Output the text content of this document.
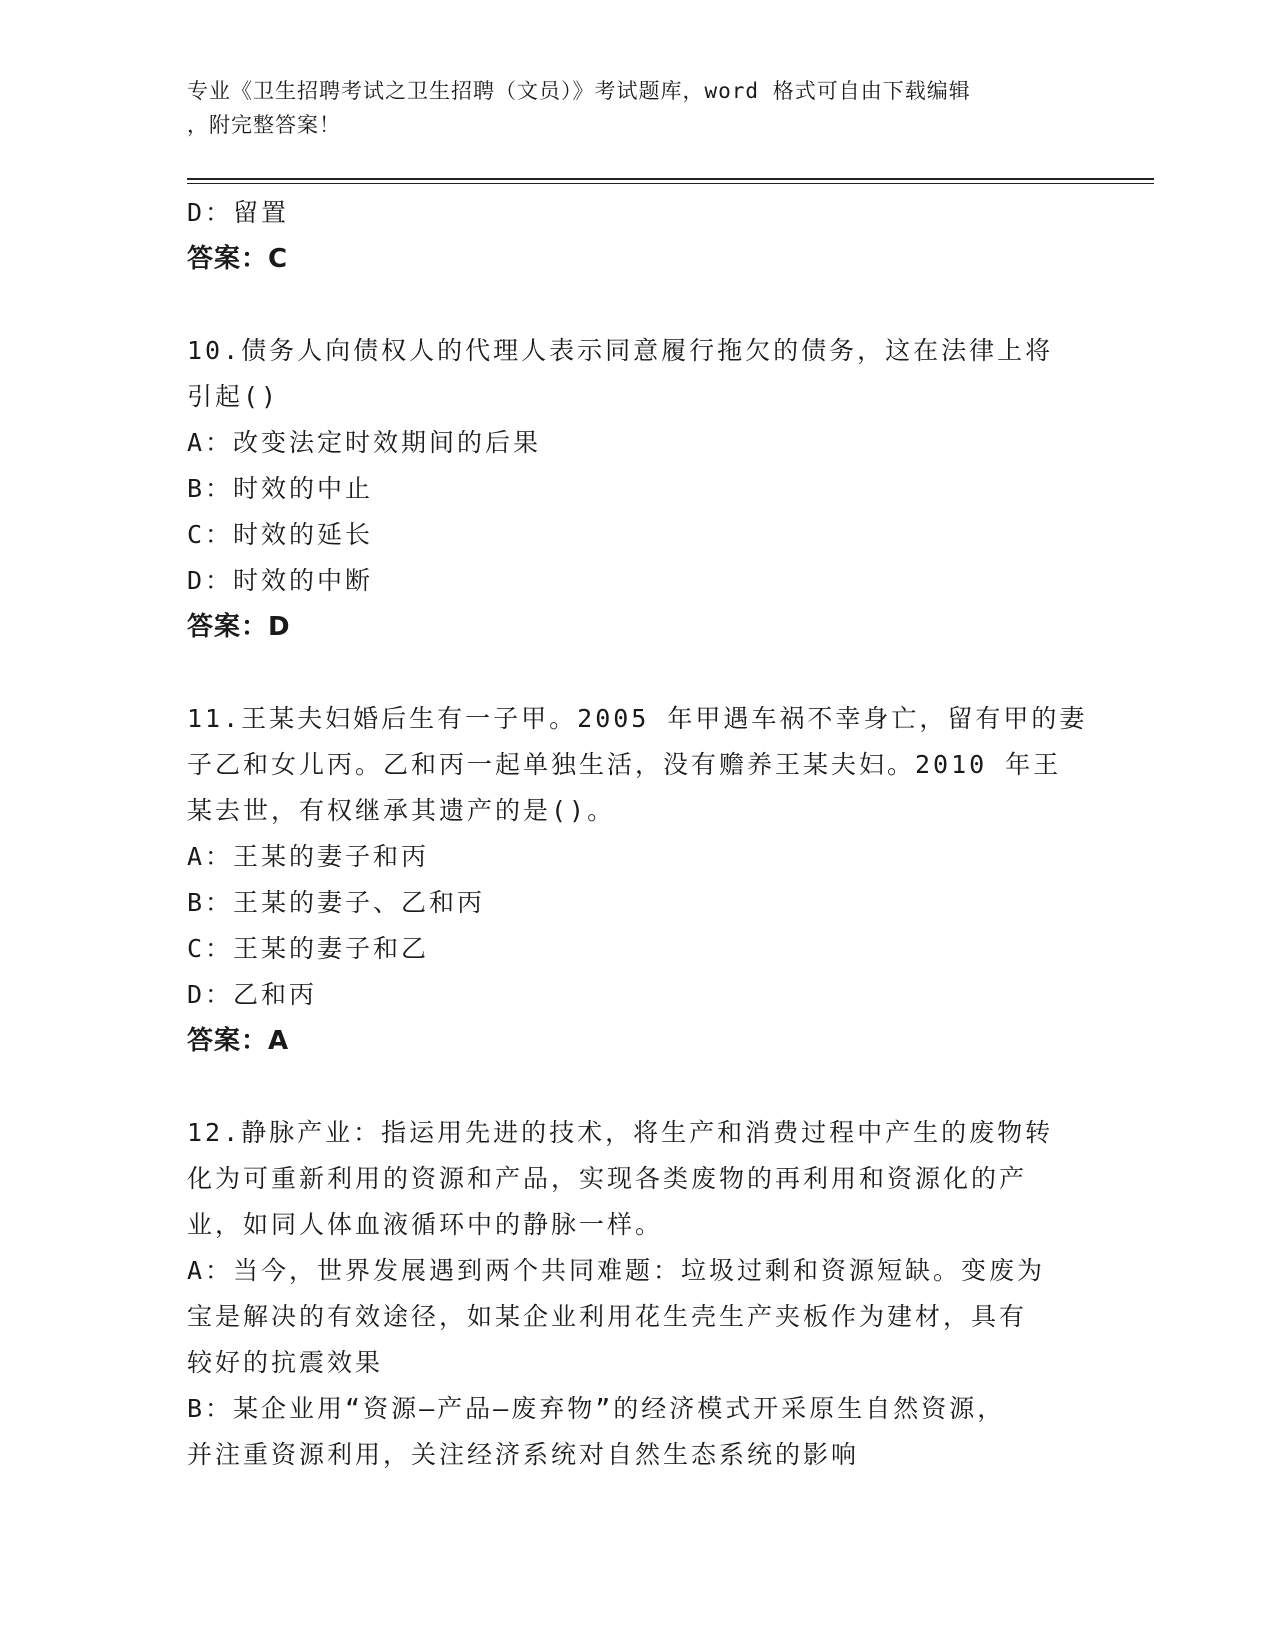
专业《卫生招聘考试之卫生招聘（文员）》考试题库，word 格式可自由下载编辑
，附完整答案！
D：留置
答案：C
10.债务人向债权人的代理人表示同意履行拖欠的债务，这在法律上将
引起()
A：改变法定时效期间的后果
B：时效的中止
C：时效的延长
D：时效的中断
答案：D
11.王某夫妇婚后生有一子甲。2005 年甲遇车祸不幸身亡，留有甲的妻
子乙和女儿丙。乙和丙一起单独生活，没有赡养王某夫妇。2010 年王
某去世，有权继承其遗产的是()。
A：王某的妻子和丙
B：王某的妻子、乙和丙
C：王某的妻子和乙
D：乙和丙
答案：A
12.静脉产业：指运用先进的技术，将生产和消费过程中产生的废物转
化为可重新利用的资源和产品，实现各类废物的再利用和资源化的产
业，如同人体血液循环中的静脉一样。
A：当今，世界发展遇到两个共同难题：垃圾过剩和资源短缺。变废为
宝是解决的有效途径，如某企业利用花生壳生产夹板作为建材，具有
较好的抗震效果
B：某企业用“资源—产品—废弃物”的经济模式开采原生自然资源，
并注重资源利用，关注经济系统对自然生态系统的影响
